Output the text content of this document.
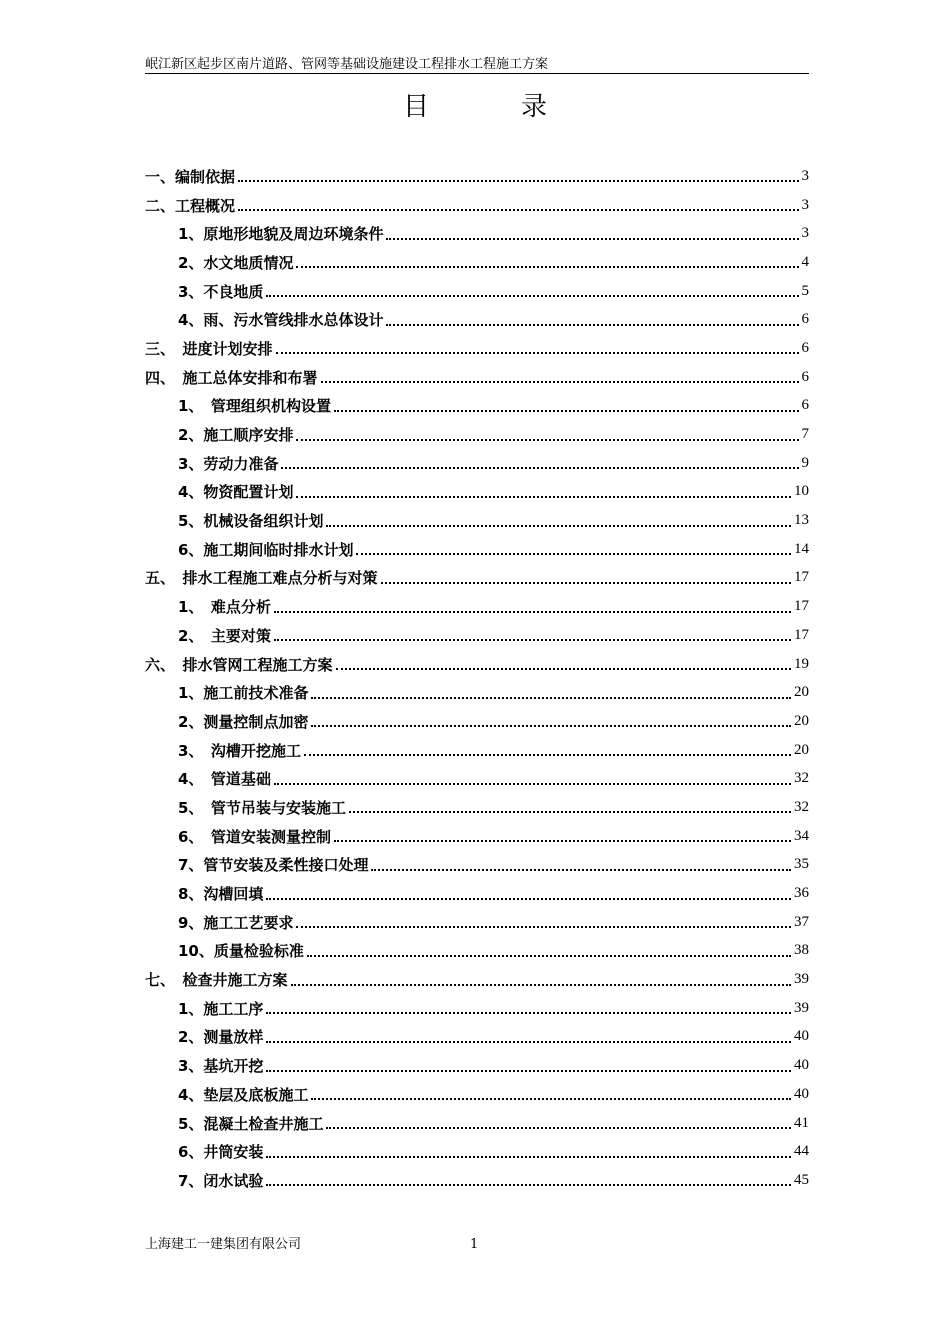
岷江新区起步区南片道路、管网等基础设施建设工程排水工程施工方案
目录
一、编制依据	3
二、工程概况	3
1、原地形地貌及周边环境条件	3
2、水文地质情况	4
3、不良地质	5
4、雨、污水管线排水总体设计	6
三、　进度计划安排	6
四、　施工总体安排和布署	6
1、　管理组织机构设置	6
2、施工顺序安排	7
3、劳动力准备	9
4、物资配置计划	10
5、机械设备组织计划	13
6、施工期间临时排水计划	14
五、　排水工程施工难点分析与对策	17
1、　难点分析	17
2、　主要对策	17
六、　排水管网工程施工方案	19
1、施工前技术准备	20
2、测量控制点加密	20
3、　沟槽开挖施工	20
4、　管道基础	32
5、　管节吊装与安装施工	32
6、　管道安装测量控制	34
7、管节安装及柔性接口处理	35
8、沟槽回填	36
9、施工工艺要求	37
10、质量检验标准	38
七、　检查井施工方案	39
1、施工工序	39
2、测量放样	40
3、基坑开挖	40
4、垫层及底板施工	40
5、混凝土检查井施工	41
6、井筒安装	44
7、闭水试验	45
上海建工一建集团有限公司	1
